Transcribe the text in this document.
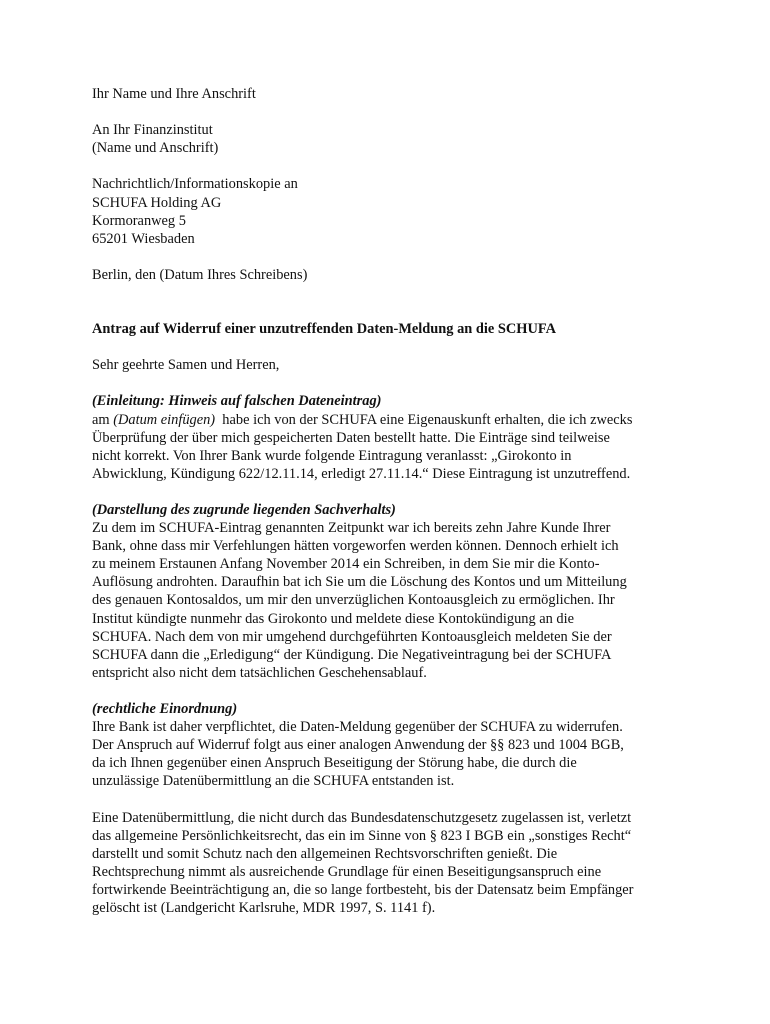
Ihr Name und Ihre Anschrift
An Ihr Finanzinstitut
(Name und Anschrift)
Nachrichtlich/Informationskopie an
SCHUFA Holding AG
Kormoranweg 5
65201 Wiesbaden
Berlin, den (Datum Ihres Schreibens)
Antrag auf Widerruf einer unzutreffenden Daten-Meldung an die SCHUFA
Sehr geehrte Samen und Herren,
(Einleitung: Hinweis auf falschen Dateneintrag)
am (Datum einfügen)  habe ich von der SCHUFA eine Eigenauskunft erhalten, die ich zwecks
Überprüfung der über mich gespeicherten Daten bestellt hatte. Die Einträge sind teilweise
nicht korrekt. Von Ihrer Bank wurde folgende Eintragung veranlasst: „Girokonto in
Abwicklung, Kündigung 622/12.11.14, erledigt 27.11.14.“ Diese Eintragung ist unzutreffend.
(Darstellung des zugrunde liegenden Sachverhalts)
Zu dem im SCHUFA-Eintrag genannten Zeitpunkt war ich bereits zehn Jahre Kunde Ihrer
Bank, ohne dass mir Verfehlungen hätten vorgeworfen werden können. Dennoch erhielt ich
zu meinem Erstaunen Anfang November 2014 ein Schreiben, in dem Sie mir die Konto-
Auflösung androhten. Daraufhin bat ich Sie um die Löschung des Kontos und um Mitteilung
des genauen Kontosaldos, um mir den unverzüglichen Kontoausgleich zu ermöglichen. Ihr
Institut kündigte nunmehr das Girokonto und meldete diese Kontokündigung an die
SCHUFA. Nach dem von mir umgehend durchgeführten Kontoausgleich meldeten Sie der
SCHUFA dann die „Erledigung“ der Kündigung. Die Negativeintragung bei der SCHUFA
entspricht also nicht dem tatsächlichen Geschehensablauf.
(rechtliche Einordnung)
Ihre Bank ist daher verpflichtet, die Daten-Meldung gegenüber der SCHUFA zu widerrufen.
Der Anspruch auf Widerruf folgt aus einer analogen Anwendung der §§ 823 und 1004 BGB,
da ich Ihnen gegenüber einen Anspruch Beseitigung der Störung habe, die durch die
unzulässige Datenübermittlung an die SCHUFA entstanden ist.
Eine Datenübermittlung, die nicht durch das Bundesdatenschutzgesetz zugelassen ist, verletzt
das allgemeine Persönlichkeitsrecht, das ein im Sinne von § 823 I BGB ein „sonstiges Recht“
darstellt und somit Schutz nach den allgemeinen Rechtsvorschriften genießt. Die
Rechtsprechung nimmt als ausreichende Grundlage für einen Beseitigungsanspruch eine
fortwirkende Beeinträchtigung an, die so lange fortbesteht, bis der Datensatz beim Empfänger
gelöscht ist (Landgericht Karlsruhe, MDR 1997, S. 1141 f).
